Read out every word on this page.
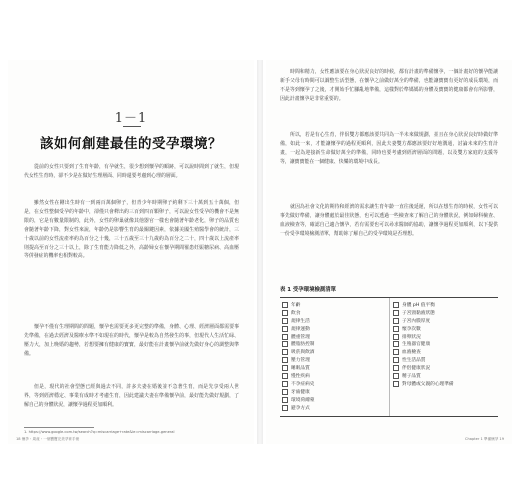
1－1
該如何創建最佳的受孕環境？

從前的女性只要到了生育年齡，有孕就生，很少想到懷孕的順跡，可以說時間到了就生，但現代女性生育時，卻不少是在做好生理層面、同時還要考慮到心理的層面。

雖然女性在剛出生時有一到兩百萬個卵子，但青少年時期卵子約剩下三十萬到五十萬個，但是，在女性整個受孕的年齡中，卻僅只會釋出約三百到四百顆卵子，可以說女性受孕的機會不是無限的，它是有數量限制的，此外，女性的卵巢就像其他器官一樣也會隨著年齡老化，卵子的品質也會隨著年齡下降，對女性來說，年齡仍是影響生育的最關鍵因素，依據美國生殖醫學會的統計，三十歲以前的女性流產率約為百分之十幾，三十五歲至三十九歲約為百分之二十，四十歲以上流產率則提高至百分之三十以上，除了生育能力降低之外，高齡婦女在懷孕期間罹患妊娠糖尿病、高血壓等併發症的機率也相對較高。

懷孕不僅有生理期間的問題，懷孕也需要更多更完整的準備，身體、心理、經濟層面都需要事先準備，在過去經濟及醫療水準不如現在的時代，懷孕是較為自然發生的事，但現代人生活忙碌、壓力大，加上晚婚的趨勢，若想要擁有健康的寶寶，最好能在計畫懷孕前就先做好身心的調整與準備。

但是，現代的社會型態已經與過去不同，許多夫妻在婚後並不急著生育，而是先享受兩人世界，等到經濟穩定、事業有成時才考慮生育，因此建議夫妻在準備懷孕前，最好能先做好規劃，了解自己的身體狀況，讓懷孕過程更加順利。

1. https://www.google.com.tw/search?q=miscarriage+rate&ie=miscarriage-general
18 懷孕・周產・一個寶寶完美孕育手冊

時間和精力，女性應該要在身心狀況良好的時候，都有計畫的準備懷孕，一個計畫好的懷孕能讓新手父母有時間可以調整生活型態，在懷孕之前做好萬全的準備，也能讓寶寶有更好的成長環境，而不是等到懷孕了之後，才開始手忙腳亂地準備，這樣對於準媽媽的身體及寶寶的健康都會有所影響，因此計畫懷孕是非常重要的。

所以，若是有心生育，伴侶雙方都應該要共同為一半未來做規劃，並且在身心狀況良好時做好準備，如此一來，才能讓懷孕的過程更順利，因此夫妻雙方都應該要好好地溝通，討論未來的生育計畫，一起為迎接新生命做好萬全的準備，同時也要考慮到經濟層面的問題，以及雙方家庭的支援等等，讓寶寶能在一個健康、快樂的環境中成長。

就因為社會文化的期待和經濟的需求讓生育年齡一直往後延遲，所以在想生育的時候，女性可以事先做好準備，讓身體處於最佳狀態，也可以透過一些檢查來了解自己的身體狀況，例如婦科檢查、血液檢查等，確認自己適合懷孕，若有需要也可以尋求醫師的協助，讓懷孕過程更加順利，以下提供一份受孕環境檢測清單，幫助妳了解自己的受孕環境是否理想。

表 1 受孕環境檢測清單
年齡
飲食
規律生活
規律運動
體重管理
體脂肪控制
吸菸與飲酒
壓力管理
睡眠品質
慢性疾病
不孕症病史
牙齒健康
環境荷爾蒙
避孕方式
身體 pH 值平衡
子宮頸黏液狀態
子宮內膜厚度
懷孕次數
排卵狀況
生殖器官健康
血液檢查
性生活品質
伴侶健康狀況
精子品質
對母體或父親的心理準備
Chapter 1 準備懷孕 19
